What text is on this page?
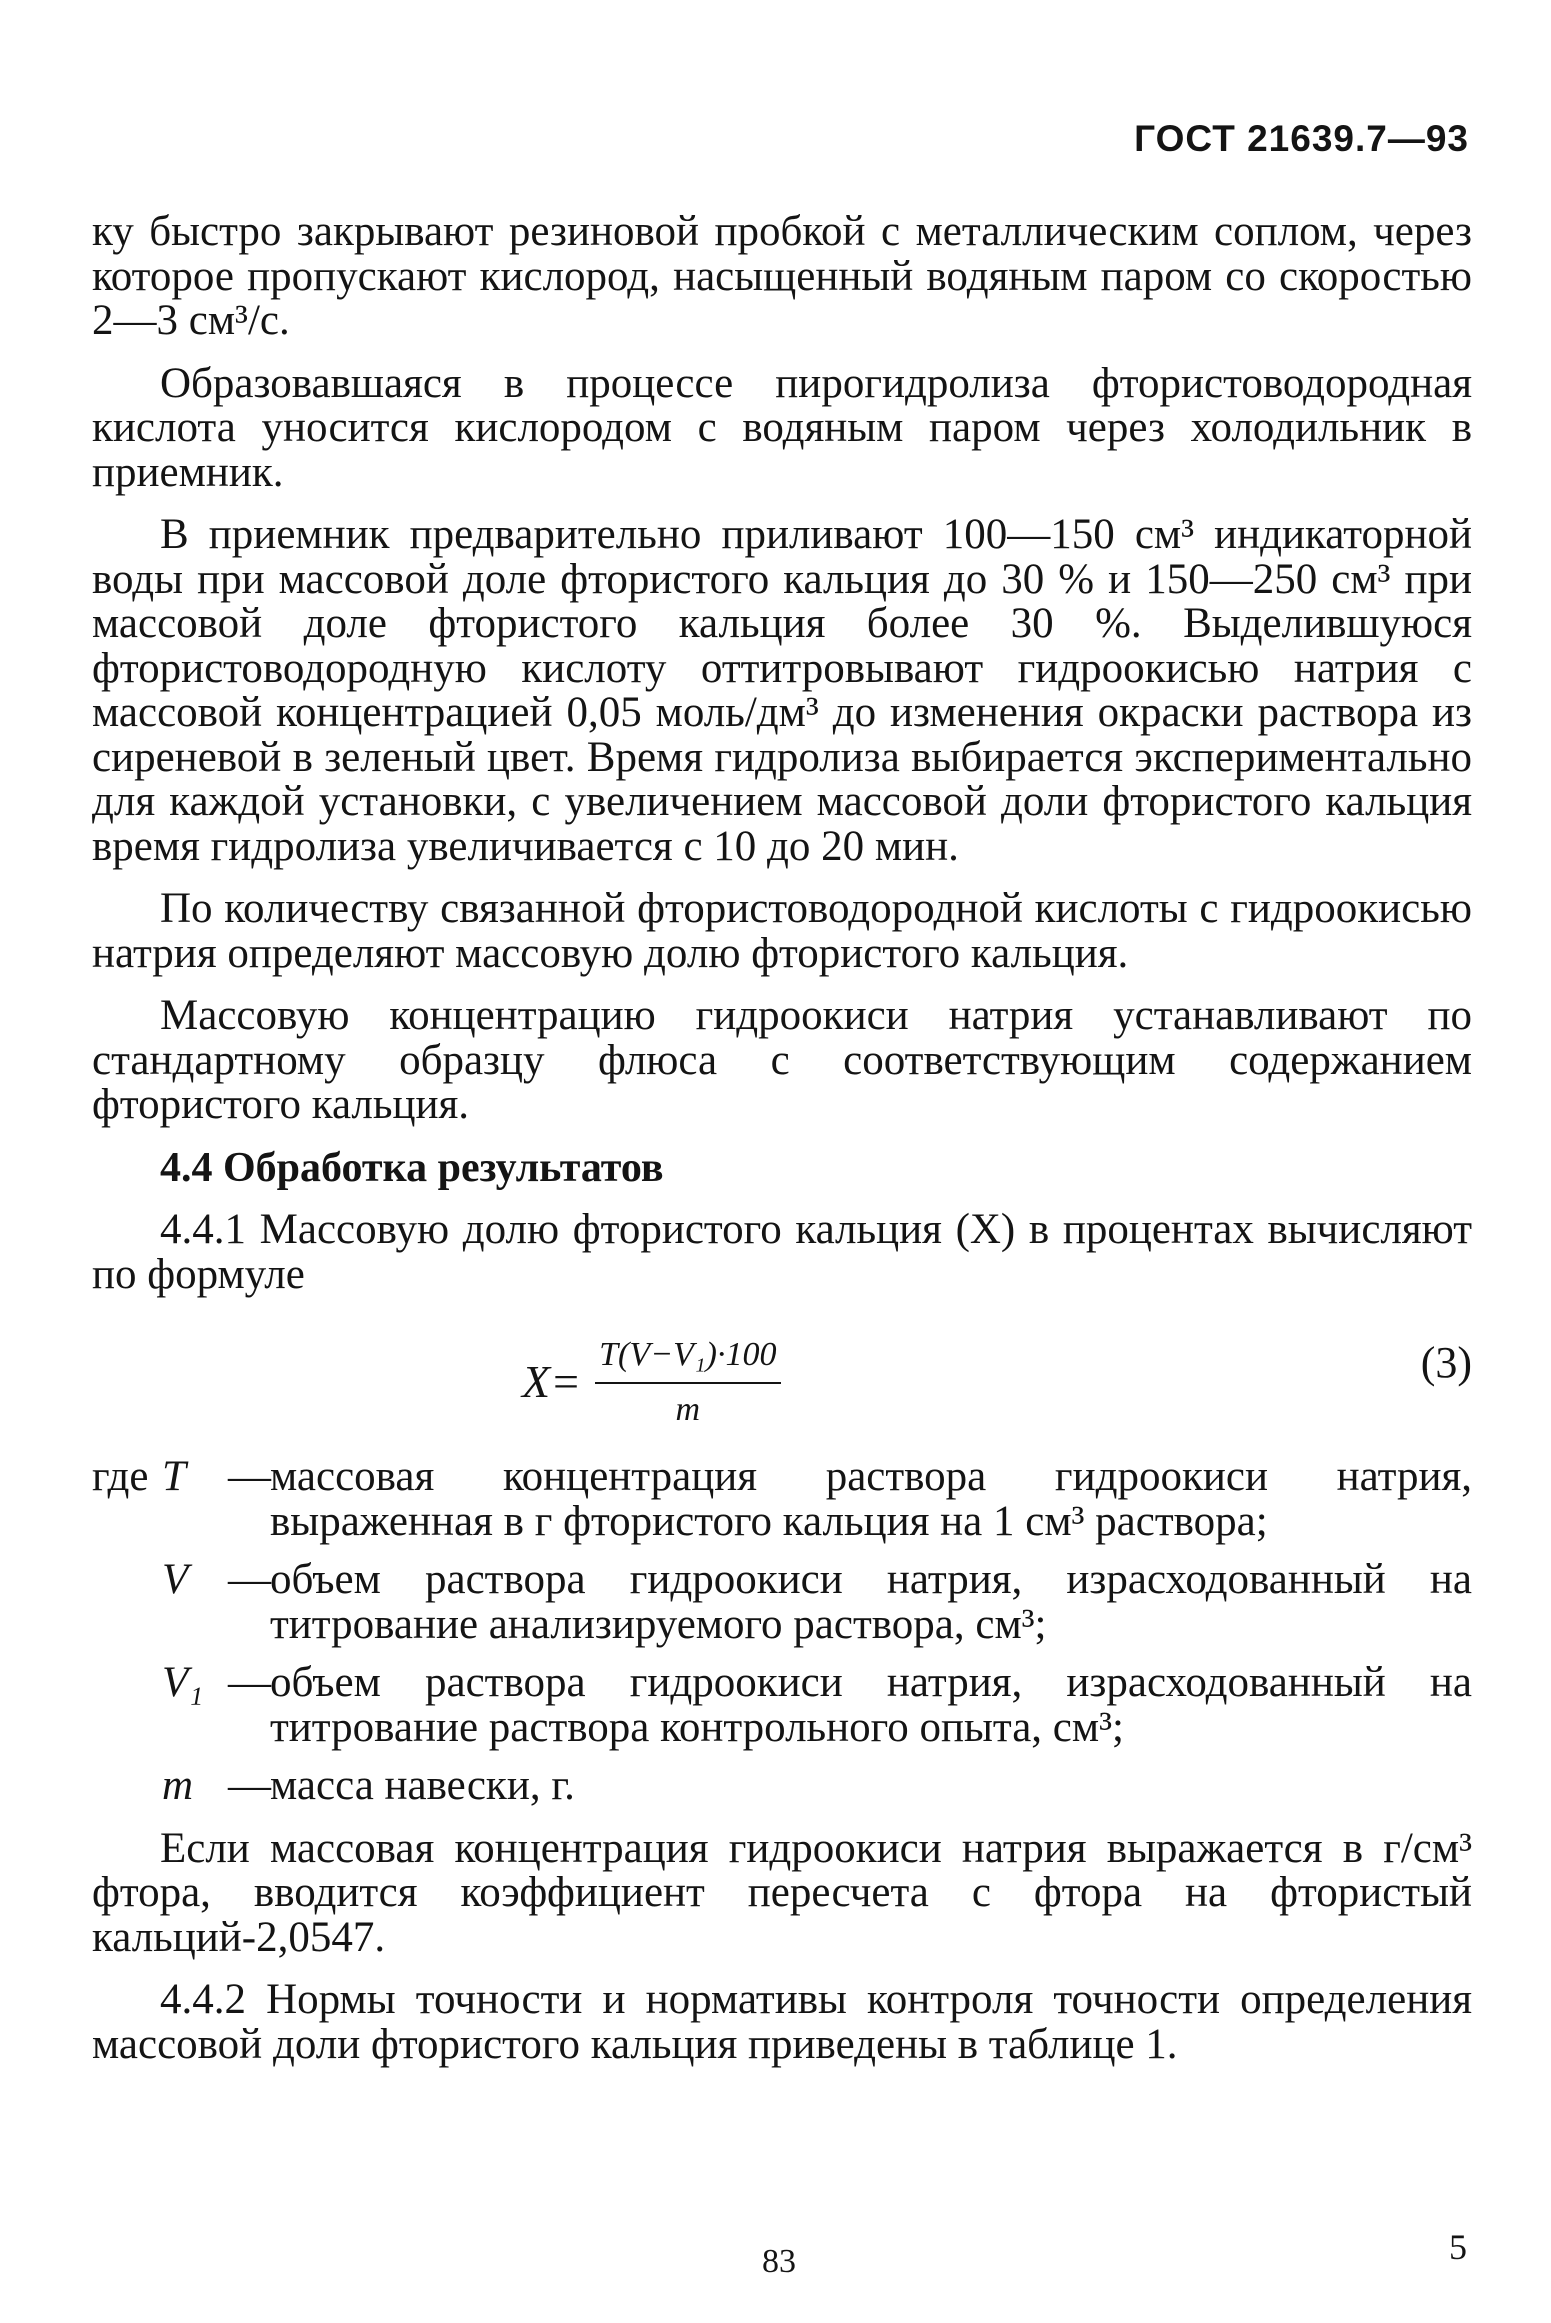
ГОСТ 21639.7—93

ку быстро закрывают резиновой пробкой с металлическим соплом, через которое пропускают кислород, насыщенный водяным паром со скоростью 2—3 см³/с.

Образовавшаяся в процессе пирогидролиза фтористоводородная кислота уносится кислородом с водяным паром через холодильник в приемник.

В приемник предварительно приливают 100—150 см³ индикаторной воды при массовой доле фтористого кальция до 30 % и 150—250 см³ при массовой доле фтористого кальция более 30 %. Выделившуюся фтористоводородную кислоту оттитровывают гидроокисью натрия с массовой концентрацией 0,05 моль/дм³ до изменения окраски раствора из сиреневой в зеленый цвет. Время гидролиза выбирается экспериментально для каждой установки, с увеличением массовой доли фтористого кальция время гидролиза увеличивается с 10 до 20 мин.

По количеству связанной фтористоводородной кислоты с гидроокисью натрия определяют массовую долю фтористого кальция.

Массовую концентрацию гидроокиси натрия устанавливают по стандартному образцу флюса с соответствующим содержанием фтористого кальция.

4.4 Обработка результатов

4.4.1 Массовую долю фтористого кальция (X) в процентах вычисляют по формуле

$X= \frac{\text{T(V−V₁)·100}}{m}$	(3)
где T — массовая концентрация раствора гидроокиси натрия, выраженная в г фтористого кальция на 1 см³ раствора;
V — объем раствора гидроокиси натрия, израсходованный на титрование анализируемого раствора, см³;
V₁ — объем раствора гидроокиси натрия, израсходованный на титрование раствора контрольного опыта, см³;
m — масса навески, г.

Если массовая концентрация гидроокиси натрия выражается в г/см³ фтора, вводится коэффициент пересчета с фтора на фтористый кальций-2,0547.

4.4.2 Нормы точности и нормативы контроля точности определения массовой доли фтористого кальция приведены в таблице 1.

83	5
